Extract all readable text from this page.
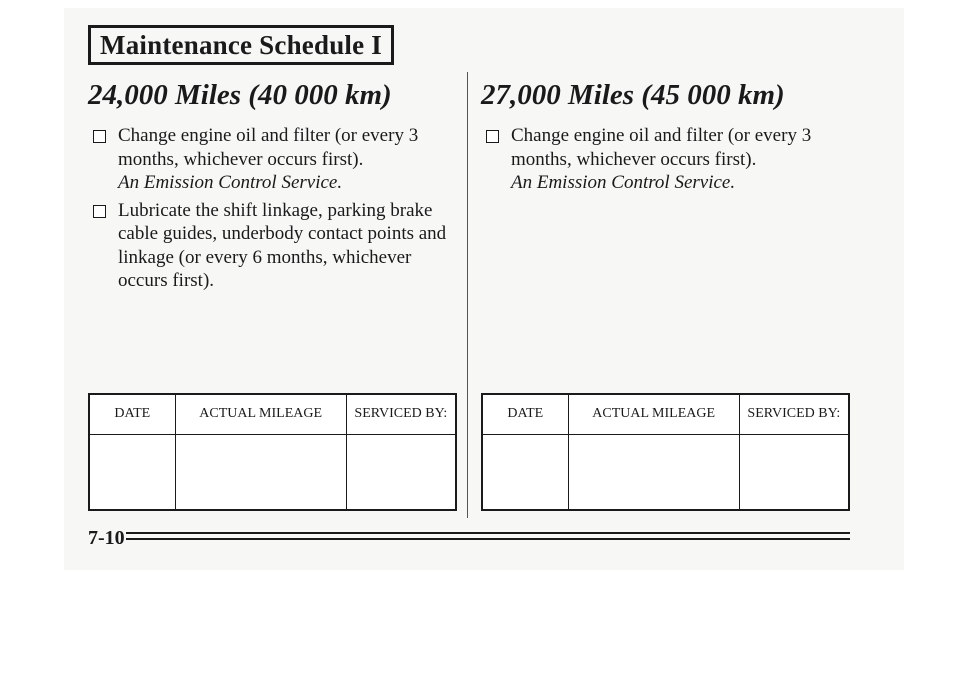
Maintenance Schedule I
24,000 Miles (40 000 km)
Change engine oil and filter (or every 3 months, whichever occurs first).
An Emission Control Service.
Lubricate the shift linkage, parking brake cable guides, underbody contact points and linkage (or every 6 months, whichever occurs first).
27,000 Miles (45 000 km)
Change engine oil and filter (or every 3 months, whichever occurs first).
An Emission Control Service.
DATE	ACTUAL MILEAGE	SERVICED BY:
			DATE	ACTUAL MILEAGE	SERVICED BY:

7-10
